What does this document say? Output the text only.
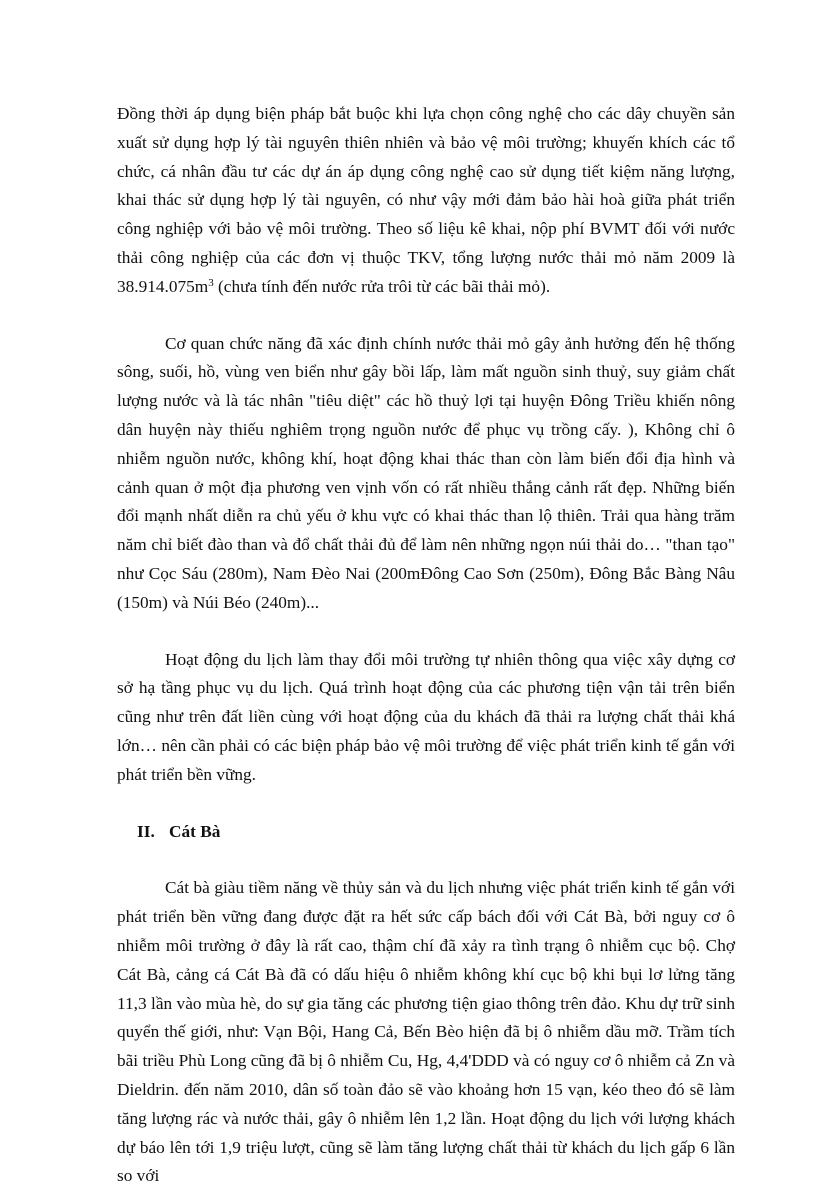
Đồng thời áp dụng biện pháp bắt buộc khi lựa chọn công nghệ cho các dây chuyền sản xuất sử dụng hợp lý tài nguyên thiên nhiên và bảo vệ môi trường; khuyến khích các tổ chức, cá nhân đầu tư các dự án áp dụng công nghệ cao sử dụng tiết kiệm năng lượng, khai thác sử dụng hợp lý tài nguyên, có như vậy mới đảm bảo hài hoà giữa phát triển công nghiệp với bảo vệ môi trường. Theo số liệu kê khai, nộp phí BVMT đối với nước thải công nghiệp của các đơn vị thuộc TKV, tổng lượng nước thải mỏ năm 2009 là $38.914.075m^3$ (chưa tính đến nước rửa trôi từ các bãi thải mỏ).

Cơ quan chức năng đã xác định chính nước thải mỏ gây ảnh hưởng đến hệ thống sông, suối, hồ, vùng ven biển như gây bồi lấp, làm mất nguồn sinh thuỷ, suy giảm chất lượng nước và là tác nhân "tiêu diệt" các hồ thuỷ lợi tại huyện Đông Triều khiến nông dân huyện này thiếu nghiêm trọng nguồn nước để phục vụ trồng cấy. ), Không chỉ ô nhiễm nguồn nước, không khí, hoạt động khai thác than còn làm biến đổi địa hình và cảnh quan ở một địa phương ven vịnh vốn có rất nhiều thắng cảnh rất đẹp. Những biến đổi mạnh nhất diễn ra chủ yếu ở khu vực có khai thác than lộ thiên. Trải qua hàng trăm năm chỉ biết đào than và đổ chất thải đủ để làm nên những ngọn núi thải do… "than tạo" như Cọc Sáu (280m), Nam Đèo Nai (200mĐông Cao Sơn (250m), Đông Bắc Bàng Nâu (150m) và Núi Béo (240m)...

Hoạt động du lịch làm thay đổi môi trường tự nhiên thông qua việc xây dựng cơ sở hạ tầng phục vụ du lịch. Quá trình hoạt động của các phương tiện vận tải trên biển cũng như trên đất liền cùng với hoạt động của du khách đã thải ra lượng chất thải khá lớn… nên cần phải có các biện pháp bảo vệ môi trường để việc phát triển kinh tế gắn với phát triển bền vững.

II. Cát Bà

Cát bà giàu tiềm năng về thủy sản và du lịch nhưng việc phát triển kinh tế gắn với phát triển bền vững đang được đặt ra hết sức cấp bách đối với Cát Bà, bởi nguy cơ ô nhiễm môi trường ở đây là rất cao, thậm chí đã xảy ra tình trạng ô nhiễm cục bộ. Chợ Cát Bà, cảng cá Cát Bà đã có dấu hiệu ô nhiễm không khí cục bộ khi bụi lơ lửng tăng 11,3 lần vào mùa hè, do sự gia tăng các phương tiện giao thông trên đảo. Khu dự trữ sinh quyển thế giới, như: Vạn Bội, Hang Cả, Bến Bèo hiện đã bị ô nhiễm dầu mỡ. Trầm tích bãi triều Phù Long cũng đã bị ô nhiễm Cu, Hg, 4,4'DDD và có nguy cơ ô nhiễm cả Zn và Dieldrin. đến năm 2010, dân số toàn đảo sẽ vào khoảng hơn 15 vạn, kéo theo đó sẽ làm tăng lượng rác và nước thải, gây ô nhiễm lên 1,2 lần. Hoạt động du lịch với lượng khách dự báo lên tới 1,9 triệu lượt, cũng sẽ làm tăng lượng chất thải từ khách du lịch gấp 6 lần so với
